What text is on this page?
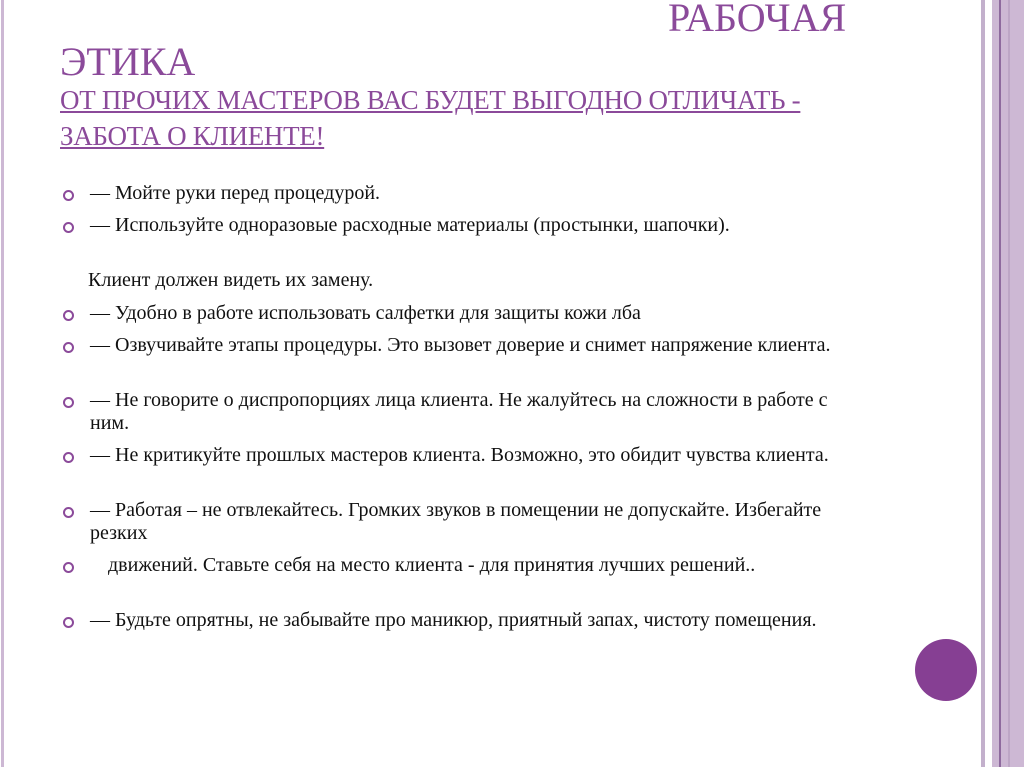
РАБОЧАЯ
ЭТИКА
ОТ ПРОЧИХ МАСТЕРОВ ВАС БУДЕТ ВЫГОДНО ОТЛИЧАТЬ - ЗАБОТА О КЛИЕНТЕ!
— Мойте руки перед процедурой.
— Используйте одноразовые расходные материалы (простынки, шапочки).
Клиент должен видеть их замену.
— Удобно в работе использовать салфетки для защиты кожи лба
— Озвучивайте этапы процедуры. Это вызовет доверие и снимет напряжение клиента.
— Не говорите о диспропорциях лица клиента. Не жалуйтесь на сложности в работе с ним.
— Не критикуйте прошлых мастеров клиента. Возможно, это обидит чувства клиента.
— Работая – не отвлекайтесь. Громких звуков в помещении не допускайте. Избегайте резких
движений. Ставьте себя на место клиента - для принятия лучших решений..
— Будьте опрятны, не забывайте про маникюр, приятный запах, чистоту помещения.
